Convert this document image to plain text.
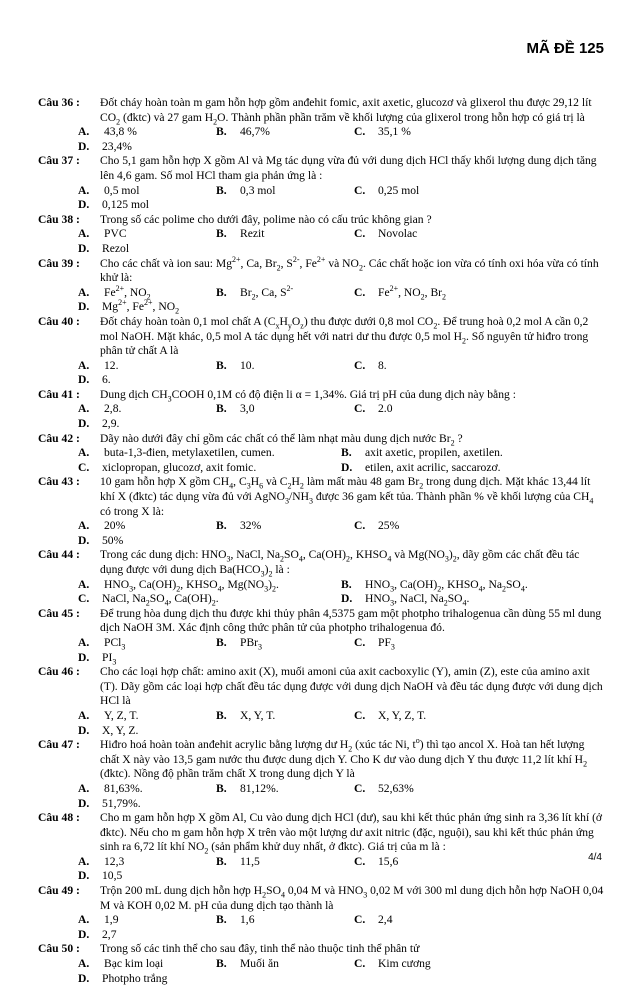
MÃ ĐỀ 125
Câu 36 :	Đốt cháy hoàn toàn m gam hỗn hợp gồm anđehit fomic, axit axetic, glucozơ và glixerol thu được 29,12 lít $CO_2$ (đktc) và 27 gam $H_2O$. Thành phần phần trăm về khối lượng của glixerol trong hỗn hợp có giá trị là
A.	43,8 %	B.	46,7%	C.	35,1 %
D.	23,4%
Câu 37 :	Cho 5,1 gam hỗn hợp X gồm Al và Mg tác dụng vừa đủ với dung dịch HCl thấy khối lượng dung dịch tăng lên 4,6 gam. Số mol HCl tham gia phản ứng là :
A.	0,5 mol	B.	0,3 mol	C.	0,25 mol
D.	0,125 mol
Câu 38 :	Trong số các polime cho dưới đây, polime nào có cấu trúc không gian ?
A.	PVC	B.	Rezit	C.	Novolac
D.	Rezol
Câu 39 :	Cho các chất và ion sau: $Mg^{2+}$, Ca, $Br_2$, $S^{2-}$, $Fe^{2+}$ và $NO_2$. Các chất hoặc ion vừa có tính oxi hóa vừa có tính khử là:
A.	$Fe^{2+}$, $NO_2$	B.	$Br_2$, Ca, $S^{2-}$	C.	$Fe^{2+}$, $NO_2$, $Br_2$
D.	$Mg^{2+}$, $Fe^{2+}$, $NO_2$
Câu 40 :	Đốt cháy hoàn toàn 0,1 mol chất A $(C_xH_yO_z)$ thu được dưới 0,8 mol $CO_2$. Để trung hoà 0,2 mol A cần 0,2 mol NaOH. Mặt khác, 0,5 mol A tác dụng hết với natri dư thu được 0,5 mol $H_2$. Số nguyên tử hiđro trong phân tử chất A là
A.	12.	B.	10.	C.	8.
D.	6.
Câu 41 :	Dung dịch $CH_3COOH$ 0,1M có độ điện li α = 1,34%. Giá trị pH của dung dịch này bằng :
A.	2,8.	B.	3,0	C.	2.0
D.	2,9.
Câu 42 :	Dãy nào dưới đây chỉ gồm các chất có thể làm nhạt màu dung dịch nước $Br_2$ ?
A.	buta-1,3-đien, metylaxetilen, cumen.	B.	axit axetic, propilen, axetilen.
C.	xiclopropan, glucozơ, axit fomic.	D.	etilen, axit acrilic, saccarozơ.
Câu 43 :	10 gam hỗn hợp X gồm $CH_4$, $C_3H_6$ và $C_2H_2$ làm mất màu 48 gam $Br_2$ trong dung dịch. Mặt khác 13,44 lít khí X (đktc) tác dụng vừa đủ với $AgNO_3/NH_3$ được 36 gam kết tủa. Thành phần % về khối lượng của $CH_4$ có trong X là:
A.	20%	B.	32%	C.	25%
D.	50%
Câu 44 :	Trong các dung dịch: $HNO_3$, NaCl, $Na_2SO_4$, $Ca(OH)_2$, $KHSO_4$ và $Mg(NO_3)_2$, dãy gồm các chất đều tác dụng được với dung dịch $Ba(HCO_3)_2$ là :
A.	$HNO_3$, $Ca(OH)_2$, $KHSO_4$, $Mg(NO_3)_2$.	B.	$HNO_3$, $Ca(OH)_2$, $KHSO_4$, $Na_2SO_4$.
C.	NaCl, $Na_2SO_4$, $Ca(OH)_2$.	D.	$HNO_3$, NaCl, $Na_2SO_4$.
Câu 45 :	Để trung hòa dung dịch thu được khi thủy phân 4,5375 gam một photpho trihalogenua cần dùng 55 ml dung dịch NaOH 3M. Xác định công thức phân tử của photpho trihalogenua đó.
A.	PCl$_3$	B.	PBr$_3$	C.	$PF_3$
D.	$PI_3$
Câu 46 :	Cho các loại hợp chất: amino axit (X), muối amoni của axit cacboxylic (Y), amin (Z), este của amino axit (T). Dãy gồm các loại hợp chất đều tác dụng được với dung dịch NaOH và đều tác dụng được với dung dịch HCl là
A.	Y, Z, T.	B.	X, Y, T.	C.	X, Y, Z, T.
D.	X, Y, Z.
Câu 47 :	Hiđro hoá hoàn toàn anđehit acrylic bằng lượng dư $H_2$ (xúc tác Ni, $t^o$) thì tạo ancol X. Hoà tan hết lượng chất X này vào 13,5 gam nước thu được dung dịch Y. Cho K dư vào dung dịch Y thu được 11,2 lít khí $H_2$ (đktc). Nồng độ phần trăm chất X trong dung dịch Y là
A.	81,63%.	B.	81,12%.	C.	52,63%
D.	51,79%.
Câu 48 :	Cho m gam hỗn hợp X gồm Al, Cu vào dung dịch HCl (dư), sau khi kết thúc phản ứng sinh ra 3,36 lít khí (ở đktc). Nếu cho m gam hỗn hợp X trên vào một lượng dư axit nitric (đặc, nguội), sau khi kết thúc phản ứng sinh ra 6,72 lít khí $NO_2$ (sản phẩm khử duy nhất, ở đktc). Giá trị của m là :
A.	12,3	B.	11,5	C.	15,6
D.	10,5
Câu 49 :	Trộn 200 mL dung dịch hỗn hợp $H_2SO_4$ 0,04 M và $HNO_3$ 0,02 M với 300 ml dung dịch hỗn hợp NaOH 0,04 M và KOH 0,02 M. pH của dung dịch tạo thành là
A.	1,9	B.	1,6	C.	2,4
D.	2,7
Câu 50 :	Trong số các tinh thể cho sau đây, tinh thể nào thuộc tinh thể phân tử
A.	Bạc kim loại	B.	Muối ăn	C.	Kim cương
D.	Photpho trắng
4/4
